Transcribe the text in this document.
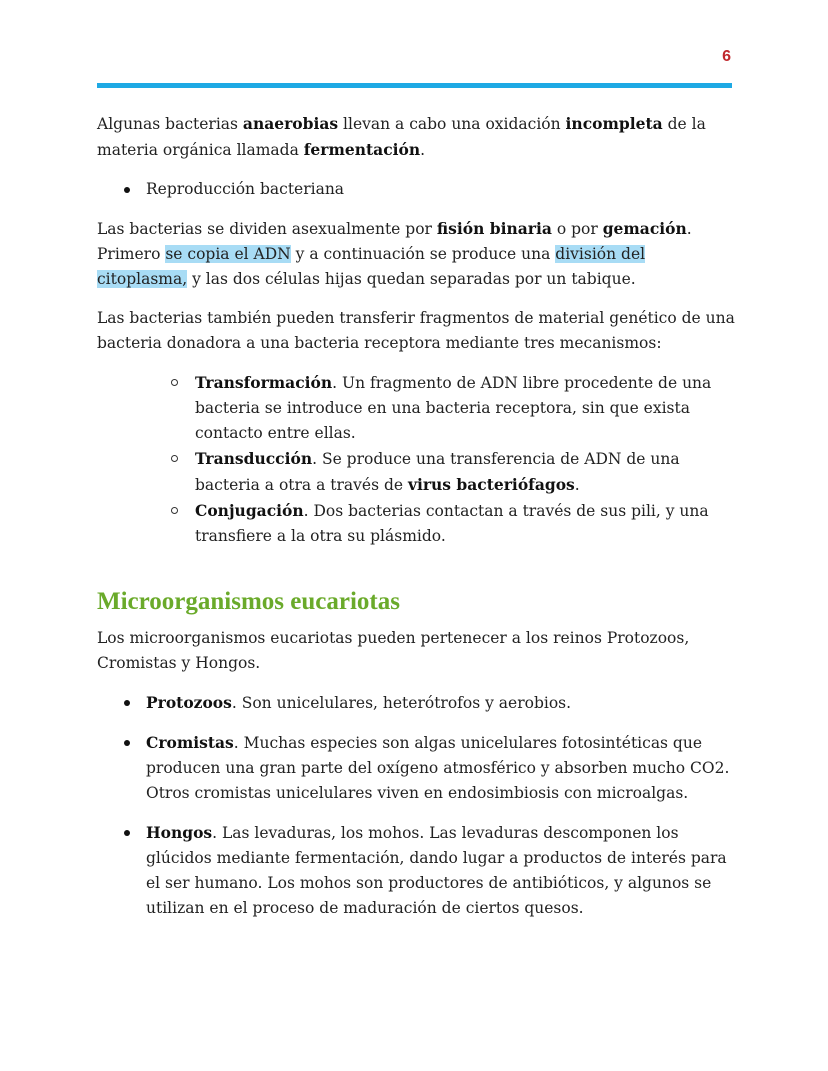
6

Algunas bacterias anaerobias llevan a cabo una oxidación incompleta de la materia orgánica llamada fermentación.

Reproducción bacteriana

Las bacterias se dividen asexualmente por fisión binaria o por gemación. Primero se copia el ADN y a continuación se produce una división del citoplasma, y las dos células hijas quedan separadas por un tabique.

Las bacterias también pueden transferir fragmentos de material genético de una bacteria donadora a una bacteria receptora mediante tres mecanismos:

Transformación. Un fragmento de ADN libre procedente de una bacteria se introduce en una bacteria receptora, sin que exista contacto entre ellas.
Transducción. Se produce una transferencia de ADN de una bacteria a otra a través de virus bacteriófagos.
Conjugación. Dos bacterias contactan a través de sus pili, y una transfiere a la otra su plásmido.
Microorganismos eucariotas

Los microorganismos eucariotas pueden pertenecer a los reinos Protozoos, Cromistas y Hongos.

Protozoos. Son unicelulares, heterótrofos y aerobios.
Cromistas. Muchas especies son algas unicelulares fotosintéticas que producen una gran parte del oxígeno atmosférico y absorben mucho CO2. Otros cromistas unicelulares viven en endosimbiosis con microalgas.
Hongos. Las levaduras, los mohos. Las levaduras descomponen los glúcidos mediante fermentación, dando lugar a productos de interés para el ser humano. Los mohos son productores de antibióticos, y algunos se utilizan en el proceso de maduración de ciertos quesos.
